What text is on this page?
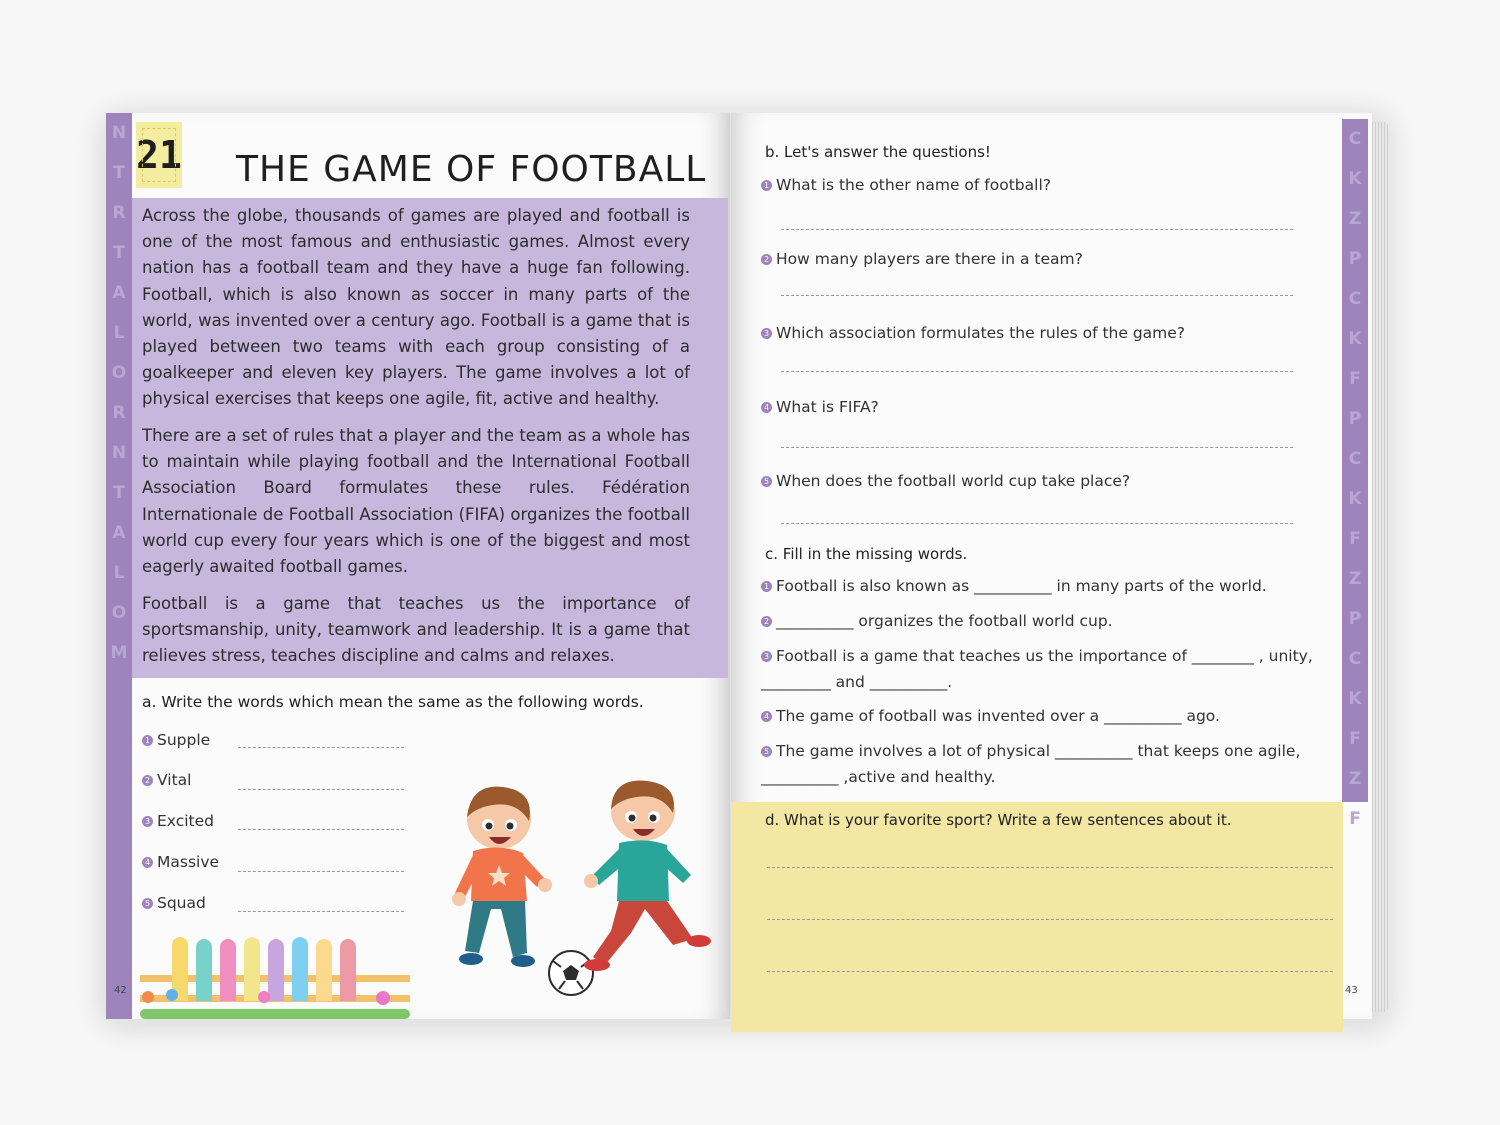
N
T
R
T
A
L
O
R
N
T
A
L
O
M
21 THE GAME OF FOOTBALL
Across the globe, thousands of games are played and football is one of the most famous and enthusiastic games. Almost every nation has a football team and they have a huge fan following. Football, which is also known as soccer in many parts of the world, was invented over a century ago. Football is a game that is played between two teams with each group consisting of a goalkeeper and eleven key players. The game involves a lot of physical exercises that keeps one agile, fit, active and healthy.
There are a set of rules that a player and the team as a whole has to maintain while playing football and the International Football Association Board formulates these rules. Fédération Internationale de Football Association (FIFA) organizes the football world cup every four years which is one of the biggest and most eagerly awaited football games.
Football is a game that teaches us the importance of sportsmanship, unity, teamwork and leadership. It is a game that relieves stress, teaches discipline and calms and relaxes.
a. Write the words which mean the same as the following words.
1 Supple
2 Vital
3 Excited
4 Massive
5 Squad
42
C
K
Z
P
C
K
F
P
C
K
F
Z
P
C
K
F
Z
F
b. Let's answer the questions!
1 What is the other name of football?
2 How many players are there in a team?
3 Which association formulates the rules of the game?
4 What is FIFA?
5 When does the football world cup take place?
c. Fill in the missing words.
1 Football is also known as __________ in many parts of the world.
2 __________ organizes the football world cup.
3 Football is a game that teaches us the importance of ________ , unity, _________ and __________.
4 The game of football was invented over a __________ ago.
5 The game involves a lot of physical __________ that keeps one agile, __________ ,active and healthy.
d. What is your favorite sport? Write a few sentences about it.
43
